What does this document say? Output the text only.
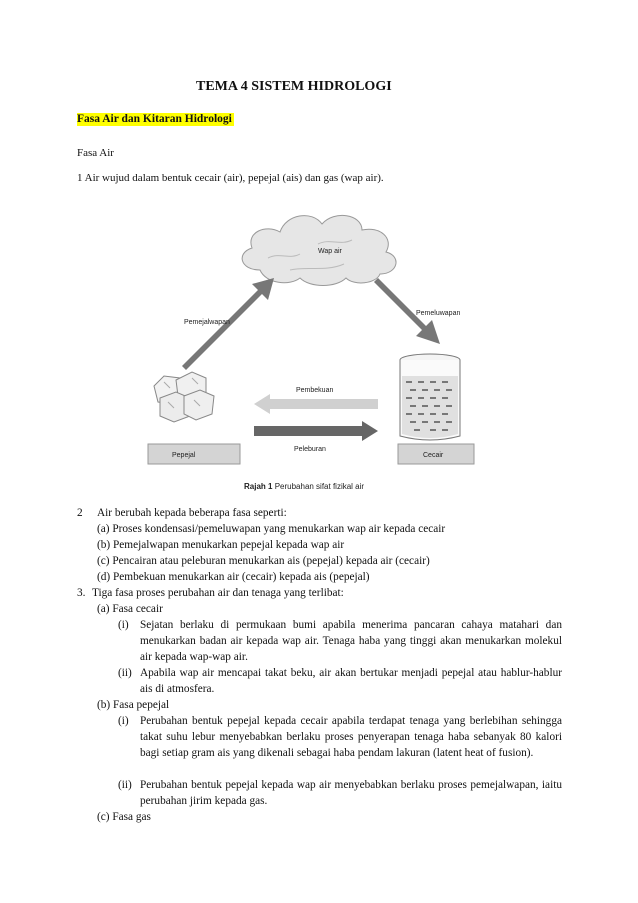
TEMA 4 SISTEM HIDROLOGI
Fasa Air dan Kitaran Hidrologi
Fasa Air
1 Air wujud dalam bentuk cecair (air), pepejal (ais) dan gas (wap air).
Wap air
Pemejalwapan
Pemeluwapan
Pepejal	Cecair
Pembekuan
Peleburan
Rajah 1 Perubahan sifat fizikal air
2 Air berubah kepada beberapa fasa seperti:
(a) Proses kondensasi/pemeluwapan yang menukarkan wap air kepada cecair
(b) Pemejalwapan menukarkan pepejal kepada wap air
(c) Pencairan atau peleburan menukarkan ais (pepejal) kepada air (cecair)
(d) Pembekuan menukarkan air (cecair) kepada ais (pepejal)
3. Tiga fasa proses perubahan air dan tenaga yang terlibat:
(a) Fasa cecair
(i) Sejatan berlaku di permukaan bumi apabila menerima pancaran cahaya matahari dan menukarkan badan air kepada wap air. Tenaga haba yang tinggi akan menukarkan molekul air kepada wap-wap air.
(ii) Apabila wap air mencapai takat beku, air akan bertukar menjadi pepejal atau hablur-hablur ais di atmosfera.
(b) Fasa pepejal
(i) Perubahan bentuk pepejal kepada cecair apabila terdapat tenaga yang berlebihan sehingga takat suhu lebur menyebabkan berlaku proses penyerapan tenaga haba sebanyak 80 kalori bagi setiap gram ais yang dikenali sebagai haba pendam lakuran (latent heat of fusion).
(ii) Perubahan bentuk pepejal kepada wap air menyebabkan berlaku proses pemejalwapan, iaitu perubahan jirim kepada gas.
(c) Fasa gas
